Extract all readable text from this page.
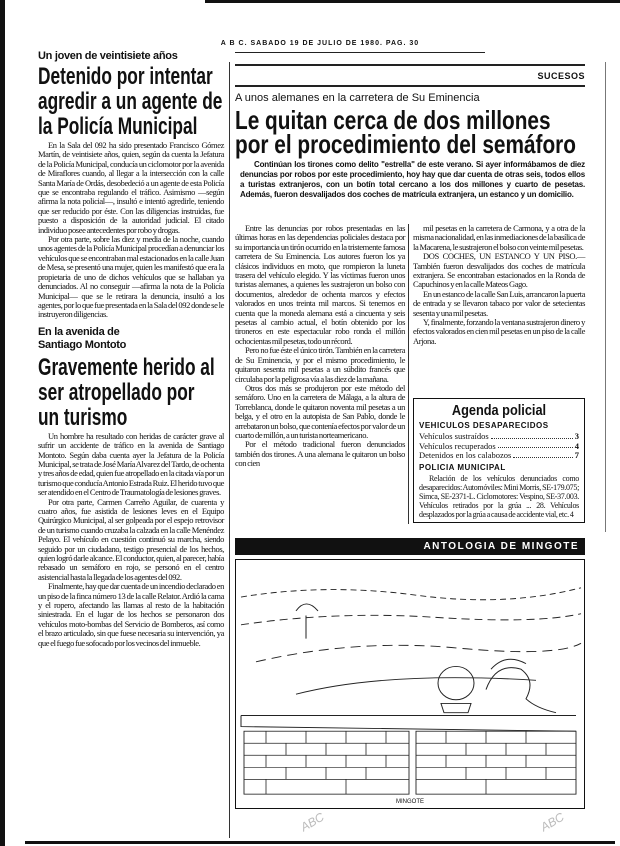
A B C. SABADO 19 DE JULIO DE 1980. PAG. 30
Un joven de veintisiete años
Detenido por intentar
agredir a un agente de
la Policía Municipal

En la Sala del 092 ha sido presentado Francisco Gómez Martín, de veintisiete años, quien, según da cuenta la Jefatura de la Policía Municipal, conducía un ciclomotor por la avenida de Miraflores cuando, al llegar a la intersección con la calle Santa María de Ordás, desobedeció a un agente de esta Policía que se encontraba regulando el tráfico. Asimismo —según afirma la nota policial—, insultó e intentó agredirle, teniendo que ser reducido por éste. Con las diligencias instruidas, fue puesto a disposición de la autoridad judicial. El citado individuo posee antecedentes por robo y drogas.

Por otra parte, sobre las diez y media de la noche, cuando unos agentes de la Policía Municipal procedían a denunciar los vehículos que se encontraban mal estacionados en la calle Juan de Mesa, se presentó una mujer, quien les manifestó que era la propietaria de uno de dichos vehículos que se hallaban ya denunciados. Al no conseguir —afirma la nota de la Policía Municipal— que se le retirara la denuncia, insultó a los agentes, por lo que fue presentada en la Sala del 092 donde se le instruyeron diligencias.

En la avenida de
Santiago Montoto
Gravemente herido al
ser atropellado por
un turismo

Un hombre ha resultado con heridas de carácter grave al sufrir un accidente de tráfico en la avenida de Santiago Montoto. Según daba cuenta ayer la Jefatura de la Policía Municipal, se trata de José María Alvarez del Tardo, de ochenta y tres años de edad, quien fue atropellado en la citada vía por un turismo que conducía Antonio Estrada Ruiz. El herido tuvo que ser atendido en el Centro de Traumatología de lesiones graves.

Por otra parte, Carmen Carreño Aguilar, de cuarenta y cuatro años, fue asistida de lesiones leves en el Equipo Quirúrgico Municipal, al ser golpeada por el espejo retrovisor de un turismo cuando cruzaba la calzada en la calle Menéndez Pelayo. El vehículo en cuestión continuó su marcha, siendo seguido por un ciudadano, testigo presencial de los hechos, quien logró darle alcance. El conductor, quien, al parecer, había rebasado un semáforo en rojo, se personó en el centro asistencial hasta la llegada de los agentes del 092.

Finalmente, hay que dar cuenta de un incendio declarado en un piso de la finca número 13 de la calle Relator. Ardió la cama y el ropero, afectando las llamas al resto de la habitación siniestrada. En el lugar de los hechos se personaron dos vehículos moto-bombas del Servicio de Bomberos, así como el brazo articulado, sin que fuese necesaria su intervención, ya que el fuego fue sofocado por los vecinos del inmueble.

SUCESOS
A unos alemanes en la carretera de Su Eminencia
Le quitan cerca de dos millones
por el procedimiento del semáforo
Continúan los tirones como delito "estrella" de este verano. Si ayer informábamos de diez denuncias por robos por este procedimiento, hoy hay que dar cuenta de otras seis, todos ellos a turistas extranjeros, con un botín total cercano a los dos millones y cuarto de pesetas. Además, fueron desvalijados dos coches de matrícula extranjera, un estanco y un domicilio.

Entre las denuncias por robos presentadas en las últimas horas en las dependencias policiales destaca por su importancia un tirón ocurrido en la tristemente famosa carretera de Su Eminencia. Los autores fueron los ya clásicos individuos en moto, que rompieron la luneta trasera del vehículo elegido. Y las víctimas fueron unos turistas alemanes, a quienes les sustrajeron un bolso con documentos, alrededor de ochenta marcos y efectos valorados en unos treinta mil marcos. Si tenemos en cuenta que la moneda alemana está a cincuenta y seis pesetas al cambio actual, el botín obtenido por los tironeros en este espectacular robo ronda el millón ochocientas mil pesetas, todo un récord.

Pero no fue éste el único tirón. También en la carretera de Su Eminencia, y por el mismo procedimiento, le quitaron sesenta mil pesetas a un súbdito francés que circulaba por la peligrosa vía a las diez de la mañana.

Otros dos más se produjeron por este método del semáforo. Uno en la carretera de Málaga, a la altura de Torreblanca, donde le quitaron noventa mil pesetas a un belga, y el otro en la autopista de San Pablo, donde le arrebataron un bolso, que contenía efectos por valor de un cuarto de millón, a un turista norteamericano.

Por el método tradicional fueron denunciados también dos tirones. A una alemana le quitaron un bolso con cien

mil pesetas en la carretera de Carmona, y a otra de la misma nacionalidad, en las inmediaciones de la basílica de la Macarena, le sustrajeron el bolso con veinte mil pesetas.

DOS COCHES, UN ESTANCO Y UN PISO.—También fueron desvalijados dos coches de matrícula extranjera. Se encontraban estacionados en la Ronda de Capuchinos y en la calle Mateos Gago.

En un estanco de la calle San Luis, arrancaron la puerta de entrada y se llevaron tabaco por valor de setecientas sesenta y una mil pesetas.

Y, finalmente, forzando la ventana sustrajeron dinero y efectos valorados en cien mil pesetas en un piso de la calle Arjona.

Agenda policial
VEHICULOS DESAPARECIDOS
Vehículos sustraídos	3
Vehículos recuperados	4
Detenidos en los calabozos	7
POLICIA MUNICIPAL
Relación de los vehículos denunciados como desaparecidos: Automóviles: Mini Morris, SE-179.075; Simca, SE-2371-L. Ciclomotores: Vespino, SE-37.003. Vehículos retirados por la grúa ... 28. Vehículos desplazados por la grúa a causa de accidente vial, etc. 4
ANTOLOGIA DE MINGOTE
MINGOTE
ABC	ABC
